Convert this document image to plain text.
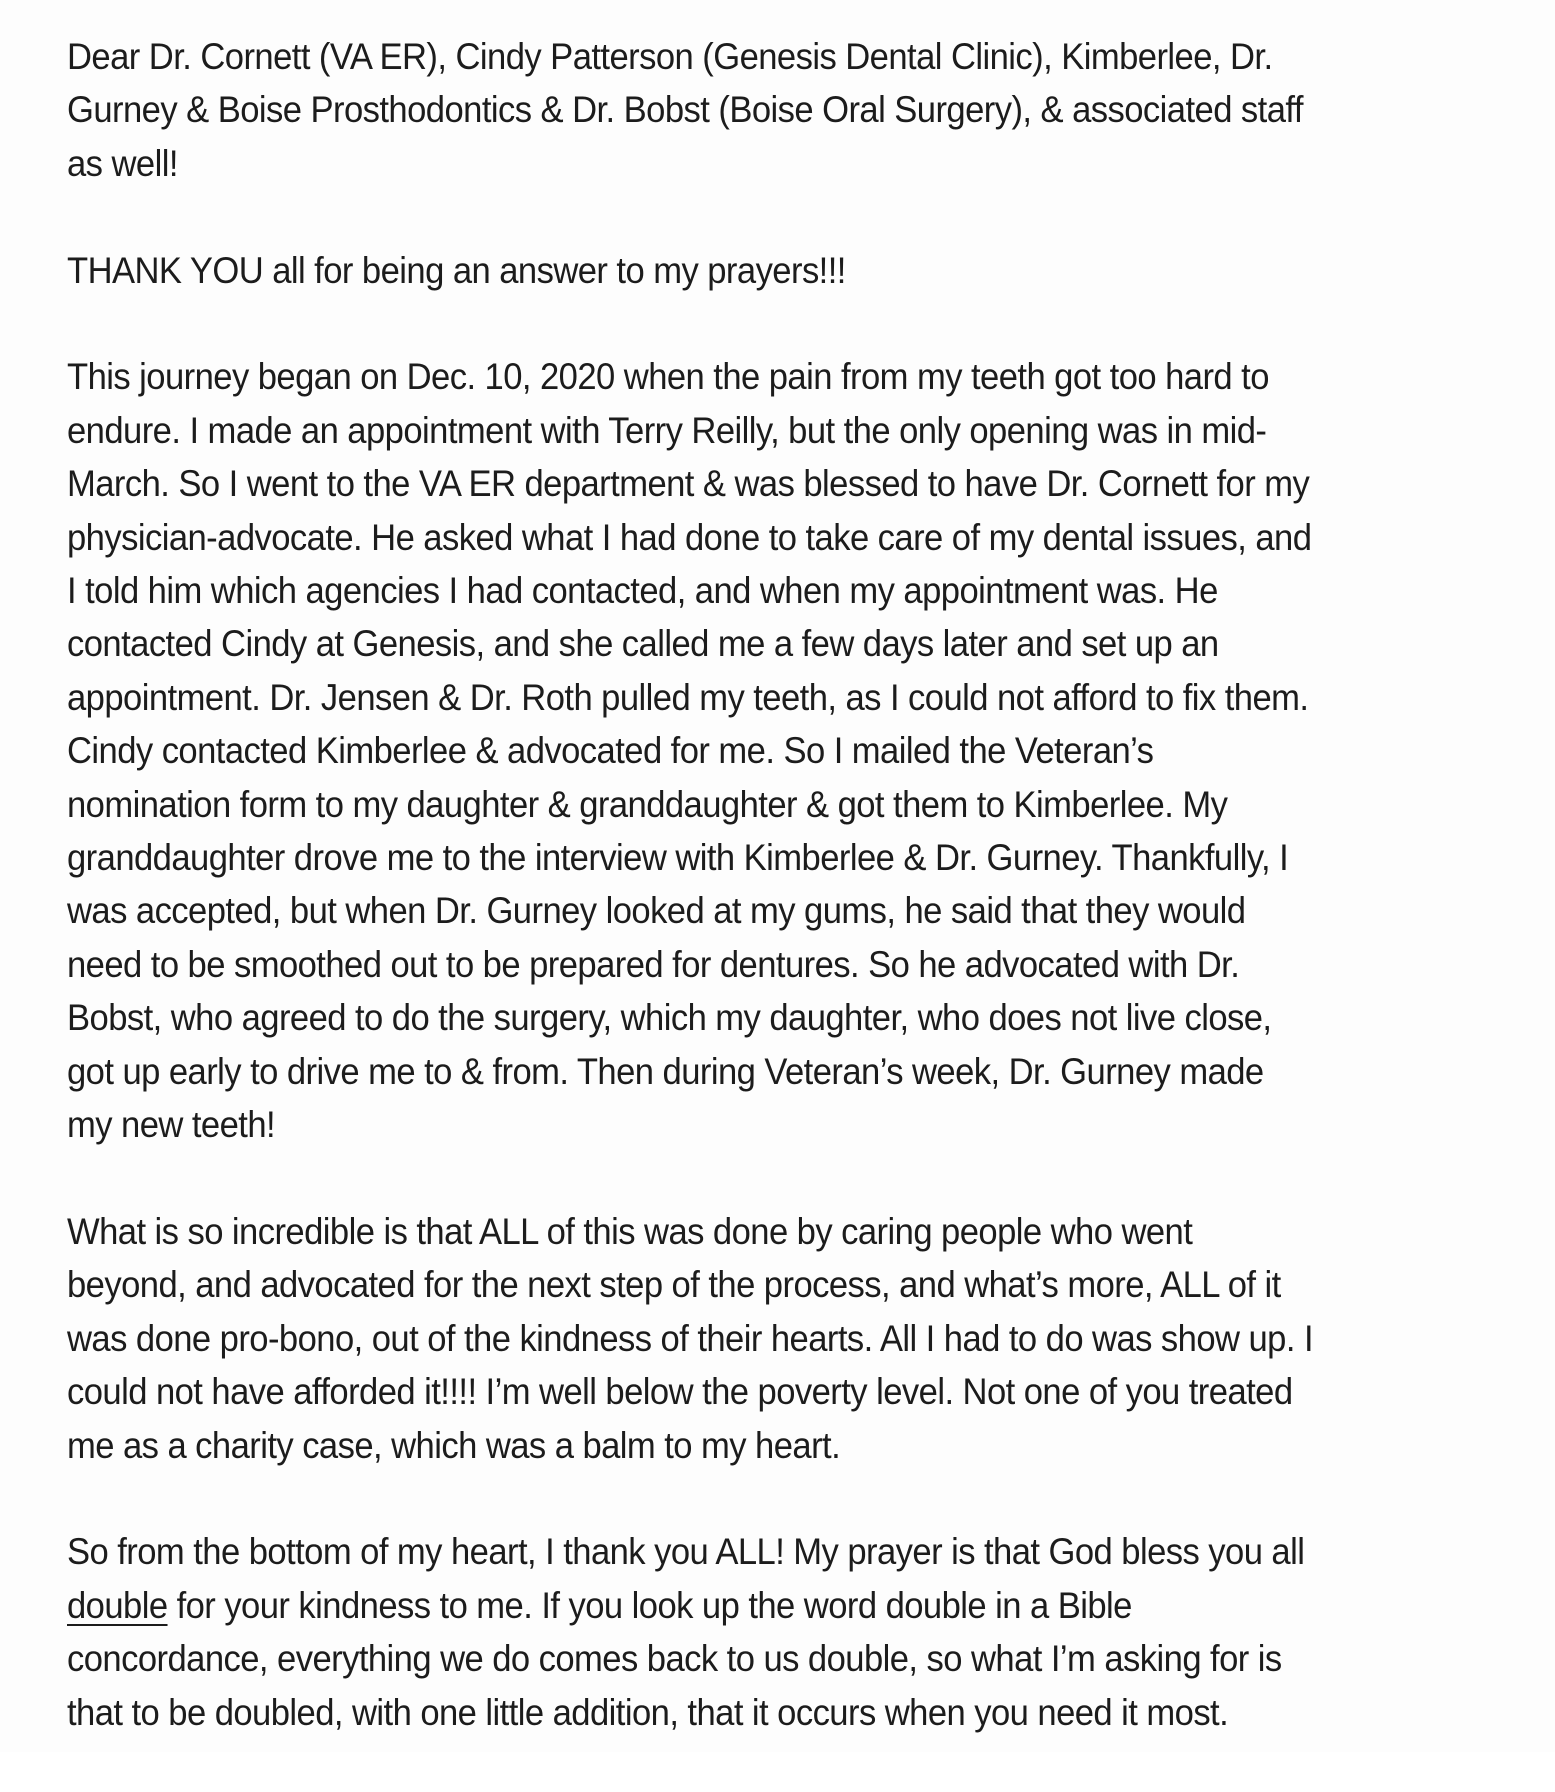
Dear Dr. Cornett (VA ER), Cindy Patterson (Genesis Dental Clinic), Kimberlee, Dr.
Gurney & Boise Prosthodontics & Dr. Bobst (Boise Oral Surgery), & associated staff
as well!
THANK YOU all for being an answer to my prayers!!!
This journey began on Dec. 10, 2020 when the pain from my teeth got too hard to
endure. I made an appointment with Terry Reilly, but the only opening was in mid-
March. So I went to the VA ER department & was blessed to have Dr. Cornett for my
physician-advocate. He asked what I had done to take care of my dental issues, and
I told him which agencies I had contacted, and when my appointment was. He
contacted Cindy at Genesis, and she called me a few days later and set up an
appointment. Dr. Jensen & Dr. Roth pulled my teeth, as I could not afford to fix them.
Cindy contacted Kimberlee & advocated for me. So I mailed the Veteran’s
nomination form to my daughter & granddaughter & got them to Kimberlee. My
granddaughter drove me to the interview with Kimberlee & Dr. Gurney. Thankfully, I
was accepted, but when Dr. Gurney looked at my gums, he said that they would
need to be smoothed out to be prepared for dentures. So he advocated with Dr.
Bobst, who agreed to do the surgery, which my daughter, who does not live close,
got up early to drive me to & from. Then during Veteran’s week, Dr. Gurney made
my new teeth!
What is so incredible is that ALL of this was done by caring people who went
beyond, and advocated for the next step of the process, and what’s more, ALL of it
was done pro-bono, out of the kindness of their hearts. All I had to do was show up. I
could not have afforded it!!!! I’m well below the poverty level. Not one of you treated
me as a charity case, which was a balm to my heart.
So from the bottom of my heart, I thank you ALL! My prayer is that God bless you all
double for your kindness to me. If you look up the word double in a Bible
concordance, everything we do comes back to us double, so what I’m asking for is
that to be doubled, with one little addition, that it occurs when you need it most.
